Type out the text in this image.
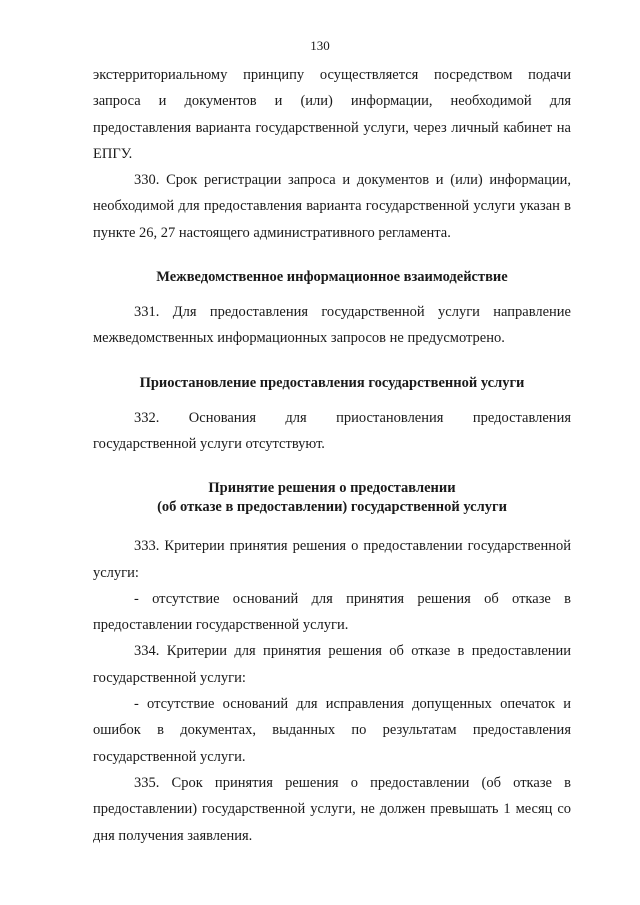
130

экстерриториальному принципу осуществляется посредством подачи запроса и документов и (или) информации, необходимой для предоставления варианта государственной услуги, через личный кабинет на ЕПГУ.

330. Срок регистрации запроса и документов и (или) информации, необходимой для предоставления варианта государственной услуги указан в пункте 26, 27 настоящего административного регламента.

Межведомственное информационное взаимодействие

331. Для предоставления государственной услуги направление межведомственных информационных запросов не предусмотрено.

Приостановление предоставления государственной услуги

332. Основания для приостановления предоставления государственной услуги отсутствуют.

Принятие решения о предоставлении
(об отказе в предоставлении) государственной услуги

333. Критерии принятия решения о предоставлении государственной услуги:

- отсутствие оснований для принятия решения об отказе в предоставлении государственной услуги.

334. Критерии для принятия решения об отказе в предоставлении государственной услуги:

- отсутствие оснований для исправления допущенных опечаток и ошибок в документах, выданных по результатам предоставления государственной услуги.

335. Срок принятия решения о предоставлении (об отказе в предоставлении) государственной услуги, не должен превышать 1 месяц со дня получения заявления.
